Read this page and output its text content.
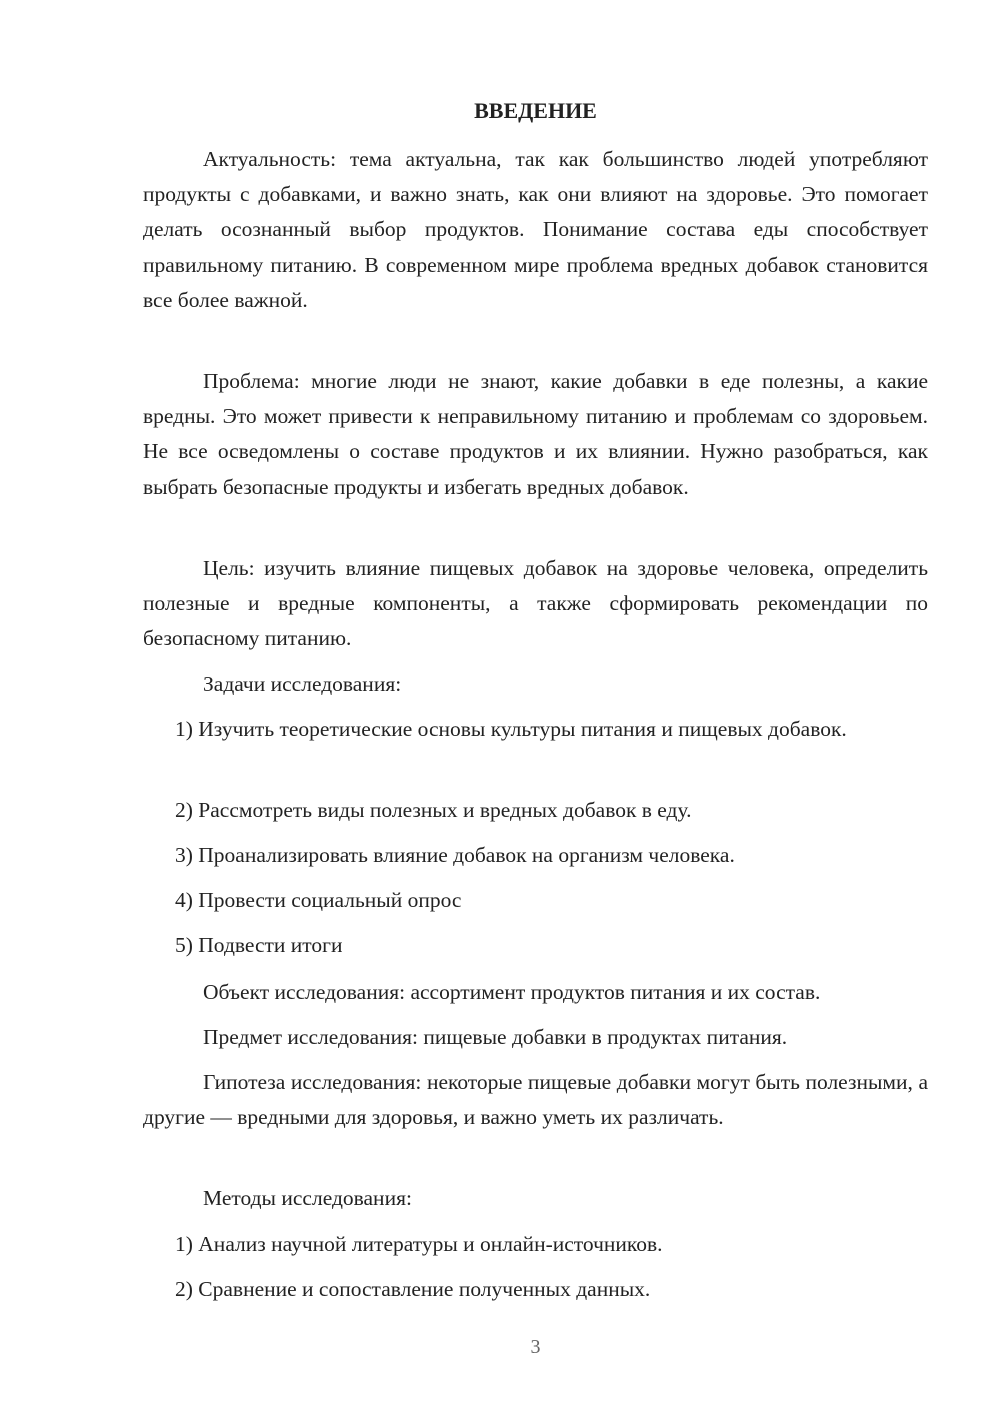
ВВЕДЕНИЕ

Актуальность: тема актуальна, так как большинство людей употребляют продукты с добавками, и важно знать, как они влияют на здоровье. Это помогает делать осознанный выбор продуктов. Понимание состава еды способствует правильному питанию. В современном мире проблема вредных добавок становится все более важной.

Проблема: многие люди не знают, какие добавки в еде полезны, а какие вредны. Это может привести к неправильному питанию и проблемам со здоровьем. Не все осведомлены о составе продуктов и их влиянии. Нужно разобраться, как выбрать безопасные продукты и избегать вредных добавок.

Цель: изучить влияние пищевых добавок на здоровье человека, определить полезные и вредные компоненты, а также сформировать рекомендации по безопасному питанию.

Задачи исследования:

1) Изучить теоретические основы культуры питания и пищевых добавок.

2) Рассмотреть виды полезных и вредных добавок в еду.

3) Проанализировать влияние добавок на организм человека.

4) Провести социальный опрос

5) Подвести итоги

Объект исследования: ассортимент продуктов питания и их состав.

Предмет исследования: пищевые добавки в продуктах питания.

Гипотеза исследования: некоторые пищевые добавки могут быть полезными, а другие — вредными для здоровья, и важно уметь их различать.

Методы исследования:

1) Анализ научной литературы и онлайн-источников.

2) Сравнение и сопоставление полученных данных.

3
